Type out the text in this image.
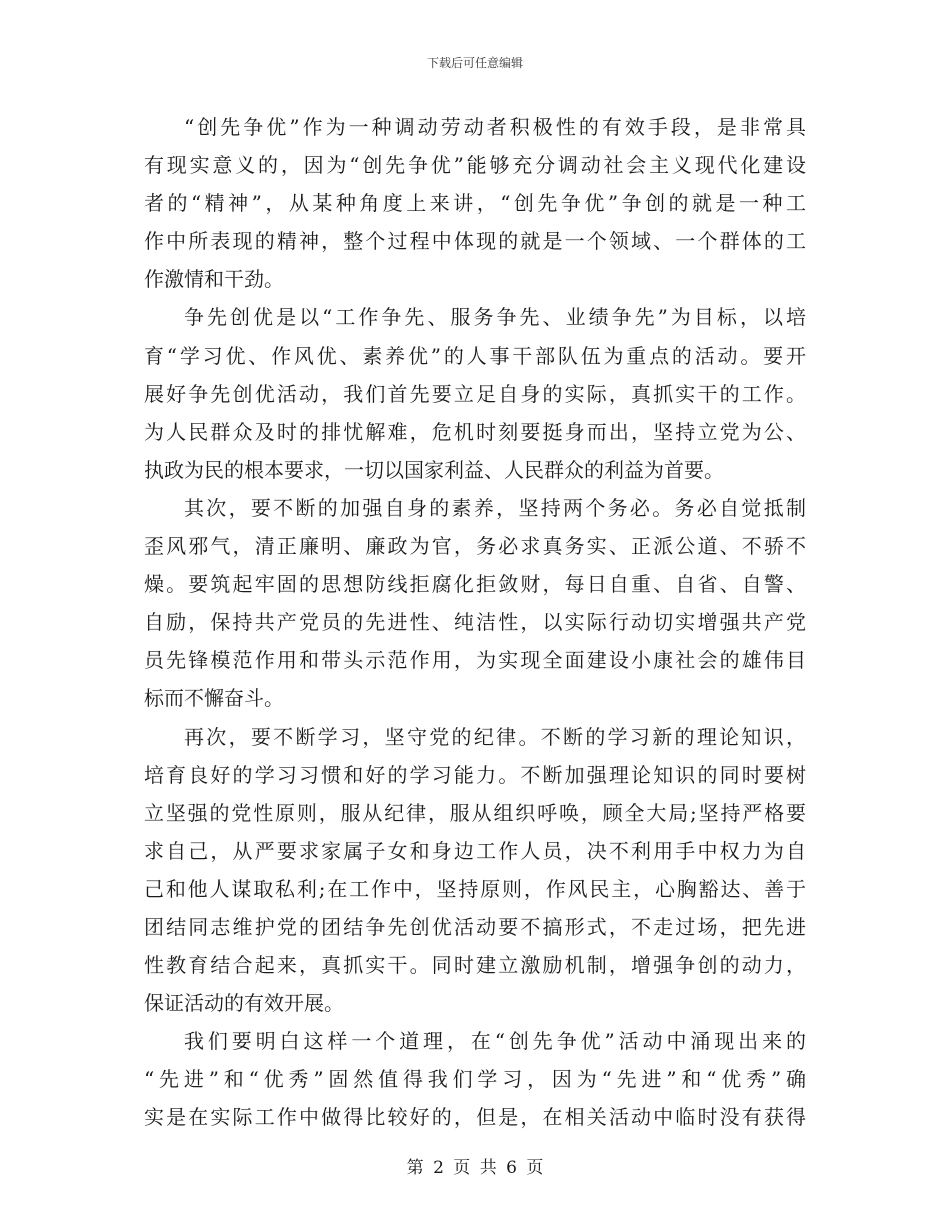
下载后可任意编辑
“创先争优”作为一种调动劳动者积极性的有效手段，是非常具
有现实意义的，因为“创先争优”能够充分调动社会主义现代化建设
者的“精神”，从某种角度上来讲，“创先争优”争创的就是一种工
作中所表现的精神，整个过程中体现的就是一个领域、一个群体的工
作激情和干劲。
争先创优是以“工作争先、服务争先、业绩争先”为目标，以培
育“学习优、作风优、素养优”的人事干部队伍为重点的活动。要开
展好争先创优活动，我们首先要立足自身的实际，真抓实干的工作。
为人民群众及时的排忧解难，危机时刻要挺身而出，坚持立党为公、
执政为民的根本要求，一切以国家利益、人民群众的利益为首要。
其次，要不断的加强自身的素养，坚持两个务必。务必自觉抵制
歪风邪气，清正廉明、廉政为官，务必求真务实、正派公道、不骄不
燥。要筑起牢固的思想防线拒腐化拒敛财，每日自重、自省、自警、
自励，保持共产党员的先进性、纯洁性，以实际行动切实增强共产党
员先锋模范作用和带头示范作用，为实现全面建设小康社会的雄伟目
标而不懈奋斗。
再次，要不断学习，坚守党的纪律。不断的学习新的理论知识，
培育良好的学习习惯和好的学习能力。不断加强理论知识的同时要树
立坚强的党性原则，服从纪律，服从组织呼唤，顾全大局;坚持严格要
求自己，从严要求家属子女和身边工作人员，决不利用手中权力为自
己和他人谋取私利;在工作中，坚持原则，作风民主，心胸豁达、善于
团结同志维护党的团结争先创优活动要不搞形式，不走过场，把先进
性教育结合起来，真抓实干。同时建立激励机制，增强争创的动力，
保证活动的有效开展。
我们要明白这样一个道理，在“创先争优”活动中涌现出来的
“先进”和“优秀”固然值得我们学习，因为“先进”和“优秀”确
实是在实际工作中做得比较好的，但是，在相关活动中临时没有获得
第 2 页 共 6 页
